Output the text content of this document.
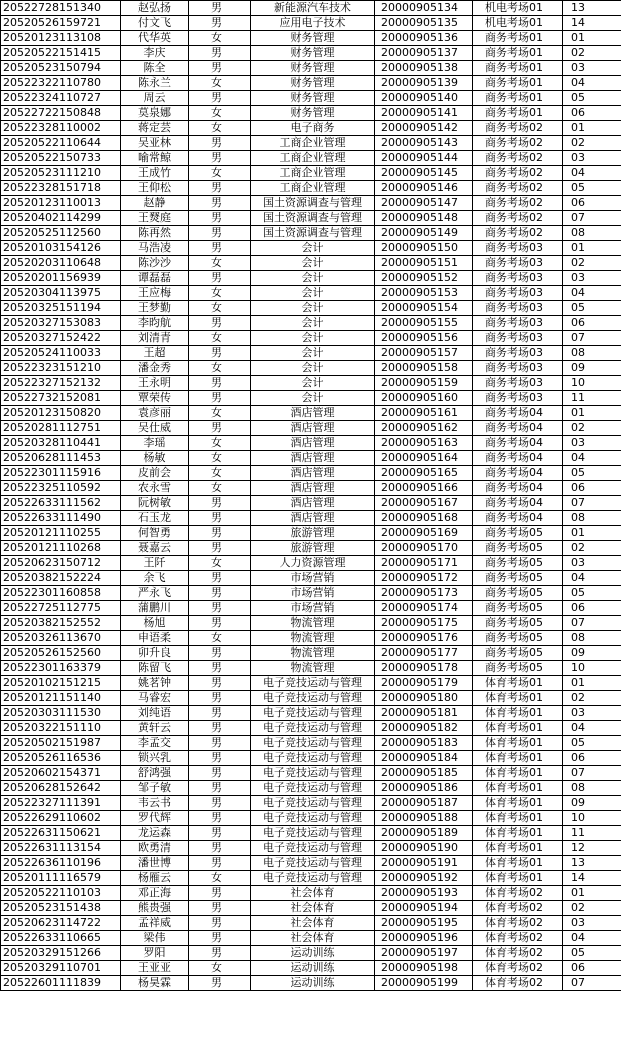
20522728151340	赵弘扬	男	新能源汽车技术	20000905134	机电考场01	13
20520526159721	付文飞	男	应用电子技术	20000905135	机电考场01	14
20520123113108	代华英	女	财务管理	20000905136	商务考场01	01
20520522151415	李庆	男	财务管理	20000905137	商务考场01	02
20520523150794	陈全	男	财务管理	20000905138	商务考场01	03
20522322110780	陈永兰	女	财务管理	20000905139	商务考场01	04
20522324110727	周云	男	财务管理	20000905140	商务考场01	05
20522722150848	莫泉娜	女	财务管理	20000905141	商务考场01	06
20522328110002	蒋定芸	女	电子商务	20000905142	商务考场02	01
20520522110644	吴亚林	男	工商企业管理	20000905143	商务考场02	02
20520522150733	喻常鲸	男	工商企业管理	20000905144	商务考场02	03
20520523111210	王成竹	女	工商企业管理	20000905145	商务考场02	04
20522328151718	王仰松	男	工商企业管理	20000905146	商务考场02	05
20520123110013	赵静	男	国土资源调查与管理	20000905147	商务考场02	06
20520402114299	王燹庭	男	国土资源调查与管理	20000905148	商务考场02	07
20520525112560	陈再然	男	国土资源调查与管理	20000905149	商务考场02	08
20520103154126	马浩凌	男	会计	20000905150	商务考场03	01
20520203110648	陈沙沙	女	会计	20000905151	商务考场03	02
20520201156939	谭磊磊	男	会计	20000905152	商务考场03	03
20520304113975	王应梅	女	会计	20000905153	商务考场03	04
20520325151194	王梦勤	女	会计	20000905154	商务考场03	05
20520327153083	李昀航	男	会计	20000905155	商务考场03	06
20520327152422	刘清青	女	会计	20000905156	商务考场03	07
20520524110033	王超	男	会计	20000905157	商务考场03	08
20522323151210	潘金秀	女	会计	20000905158	商务考场03	09
20522327152132	王永明	男	会计	20000905159	商务考场03	10
20522732152081	覃荣传	男	会计	20000905160	商务考场03	11
20520123150820	袁彦丽	女	酒店管理	20000905161	商务考场04	01
20520281112751	吴仕威	男	酒店管理	20000905162	商务考场04	02
20520328110441	李瑶	女	酒店管理	20000905163	商务考场04	03
20520628111453	杨敏	女	酒店管理	20000905164	商务考场04	04
20522301115916	皮前会	女	酒店管理	20000905165	商务考场04	05
20522325110592	农永雪	女	酒店管理	20000905166	商务考场04	06
20522633111562	阮树敏	男	酒店管理	20000905167	商务考场04	07
20522633111490	石玉龙	男	酒店管理	20000905168	商务考场04	08
20520121110255	何智勇	男	旅游管理	20000905169	商务考场05	01
20520121110268	聂嘉云	男	旅游管理	20000905170	商务考场05	02
20520623150712	王阡	女	人力资源管理	20000905171	商务考场05	03
20520382152224	余飞	男	市场营销	20000905172	商务考场05	04
20522301160858	严永飞	男	市场营销	20000905173	商务考场05	05
20522725112775	蒲鹏川	男	市场营销	20000905174	商务考场05	06
20520382152552	杨旭	男	物流管理	20000905175	商务考场05	07
20520326113670	申语柔	女	物流管理	20000905176	商务考场05	08
20520526152560	卯升良	男	物流管理	20000905177	商务考场05	09
20522301163379	陈留飞	男	物流管理	20000905178	商务考场05	10
20520102151215	姚茗钟	男	电子竞技运动与管理	20000905179	体育考场01	01
20520121151140	马睿宏	男	电子竞技运动与管理	20000905180	体育考场01	02
20520303111530	刘纯语	男	电子竞技运动与管理	20000905181	体育考场01	03
20520322151110	黄轩云	男	电子竞技运动与管理	20000905182	体育考场01	04
20520502151987	李孟交	男	电子竞技运动与管理	20000905183	体育考场01	05
20520526116536	锁兴乳	男	电子竞技运动与管理	20000905184	体育考场01	06
20520602154371	舒鸿强	男	电子竞技运动与管理	20000905185	体育考场01	07
20520628152642	邹子敏	男	电子竞技运动与管理	20000905186	体育考场01	08
20522327111391	韦云书	男	电子竞技运动与管理	20000905187	体育考场01	09
20522629110602	罗代辉	男	电子竞技运动与管理	20000905188	体育考场01	10
20522631150621	龙运森	男	电子竞技运动与管理	20000905189	体育考场01	11
20522631113154	欧勇清	男	电子竞技运动与管理	20000905190	体育考场01	12
20522636110196	潘世博	男	电子竞技运动与管理	20000905191	体育考场01	13
20520111116579	杨雁云	女	电子竞技运动与管理	20000905192	体育考场01	14
20520522110103	邓正海	男	社会体育	20000905193	体育考场02	01
20520523151438	熊贵强	男	社会体育	20000905194	体育考场02	02
20520623114722	孟祥威	男	社会体育	20000905195	体育考场02	03
20522633110665	梁伟	男	社会体育	20000905196	体育考场02	04
20520329151266	罗阳	男	运动训练	20000905197	体育考场02	05
20520329110701	王亚亚	女	运动训练	20000905198	体育考场02	06
20522601111839	杨昊霖	男	运动训练	20000905199	体育考场02	07
